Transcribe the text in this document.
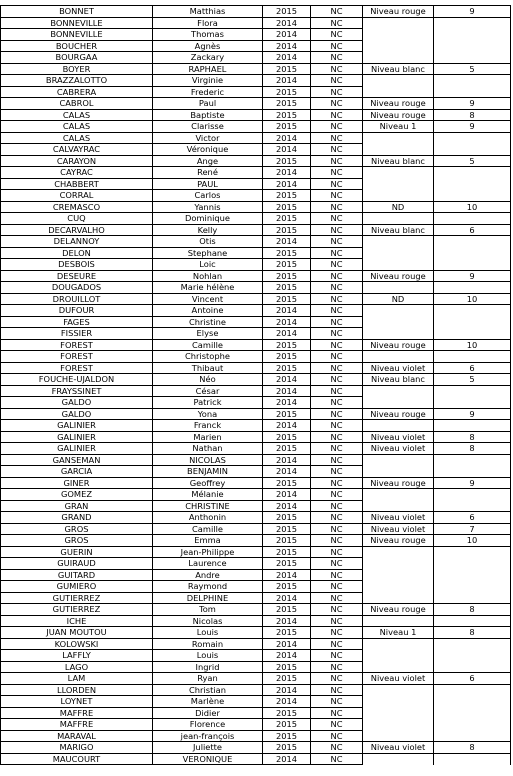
BONNET	Matthias	2015	NC	Niveau rouge	9
BONNEVILLE	Flora	2014	NC		
BONNEVILLE	Thomas	2014	NC		
BOUCHER	Agnès	2014	NC		
BOURGAA	Zackary	2014	NC		
BOYER	RAPHAEL	2015	NC	Niveau blanc	5
BRAZZALOTTO	Virginie	2014	NC		
CABRERA	Frederic	2015	NC		
CABROL	Paul	2015	NC	Niveau rouge	9
CALAS	Baptiste	2015	NC	Niveau rouge	8
CALAS	Clarisse	2015	NC	Niveau 1	9
CALAS	Victor	2014	NC		
CALVAYRAC	Véronique	2014	NC		
CARAYON	Ange	2015	NC	Niveau blanc	5
CAYRAC	René	2014	NC		
CHABBERT	PAUL	2014	NC		
CORRAL	Carlos	2015	NC		
CREMASCO	Yannis	2015	NC	ND	10
CUQ	Dominique	2015	NC		
DECARVALHO	Kelly	2015	NC	Niveau blanc	6
DELANNOY	Otis	2014	NC		
DELON	Stephane	2015	NC		
DESBOIS	Loic	2015	NC		
DESEURE	Nohlan	2015	NC	Niveau rouge	9
DOUGADOS	Marie hélène	2015	NC		
DROUILLOT	Vincent	2015	NC	ND	10
DUFOUR	Antoine	2014	NC		
FAGES	Christine	2014	NC		
FISSIER	Elyse	2014	NC		
FOREST	Camille	2015	NC	Niveau rouge	10
FOREST	Christophe	2015	NC		
FOREST	Thibaut	2015	NC	Niveau violet	6
FOUCHE-UJALDON	Néo	2014	NC	Niveau blanc	5
FRAYSSINET	César	2014	NC		
GALDO	Patrick	2014	NC		
GALDO	Yona	2015	NC	Niveau rouge	9
GALINIER	Franck	2014	NC		
GALINIER	Marien	2015	NC	Niveau violet	8
GALINIER	Nathan	2015	NC	Niveau violet	8
GANSEMAN	NICOLAS	2014	NC		
GARCIA	BENJAMIN	2014	NC		
GINER	Geoffrey	2015	NC	Niveau rouge	9
GOMEZ	Mélanie	2014	NC		
GRAN	CHRISTINE	2014	NC		
GRAND	Anthonin	2015	NC	Niveau violet	6
GROS	Camille	2015	NC	Niveau violet	7
GROS	Emma	2015	NC	Niveau rouge	10
GUERIN	Jean-Philippe	2015	NC		
GUIRAUD	Laurence	2015	NC		
GUITARD	Andre	2014	NC		
GUMIERO	Raymond	2015	NC		
GUTIERREZ	DELPHINE	2014	NC		
GUTIERREZ	Tom	2015	NC	Niveau rouge	8
ICHE	Nicolas	2014	NC		
JUAN MOUTOU	Louis	2015	NC	Niveau 1	8
KOLOWSKI	Romain	2014	NC		
LAFFLY	Louis	2014	NC		
LAGO	Ingrid	2015	NC		
LAM	Ryan	2015	NC	Niveau violet	6
LLORDEN	Christian	2014	NC		
LOYNET	Marlène	2014	NC		
MAFFRE	Didier	2015	NC		
MAFFRE	Florence	2015	NC		
MARAVAL	jean-françois	2015	NC		
MARIGO	Juliette	2015	NC	Niveau violet	8
MAUCOURT	VERONIQUE	2014	NC		
